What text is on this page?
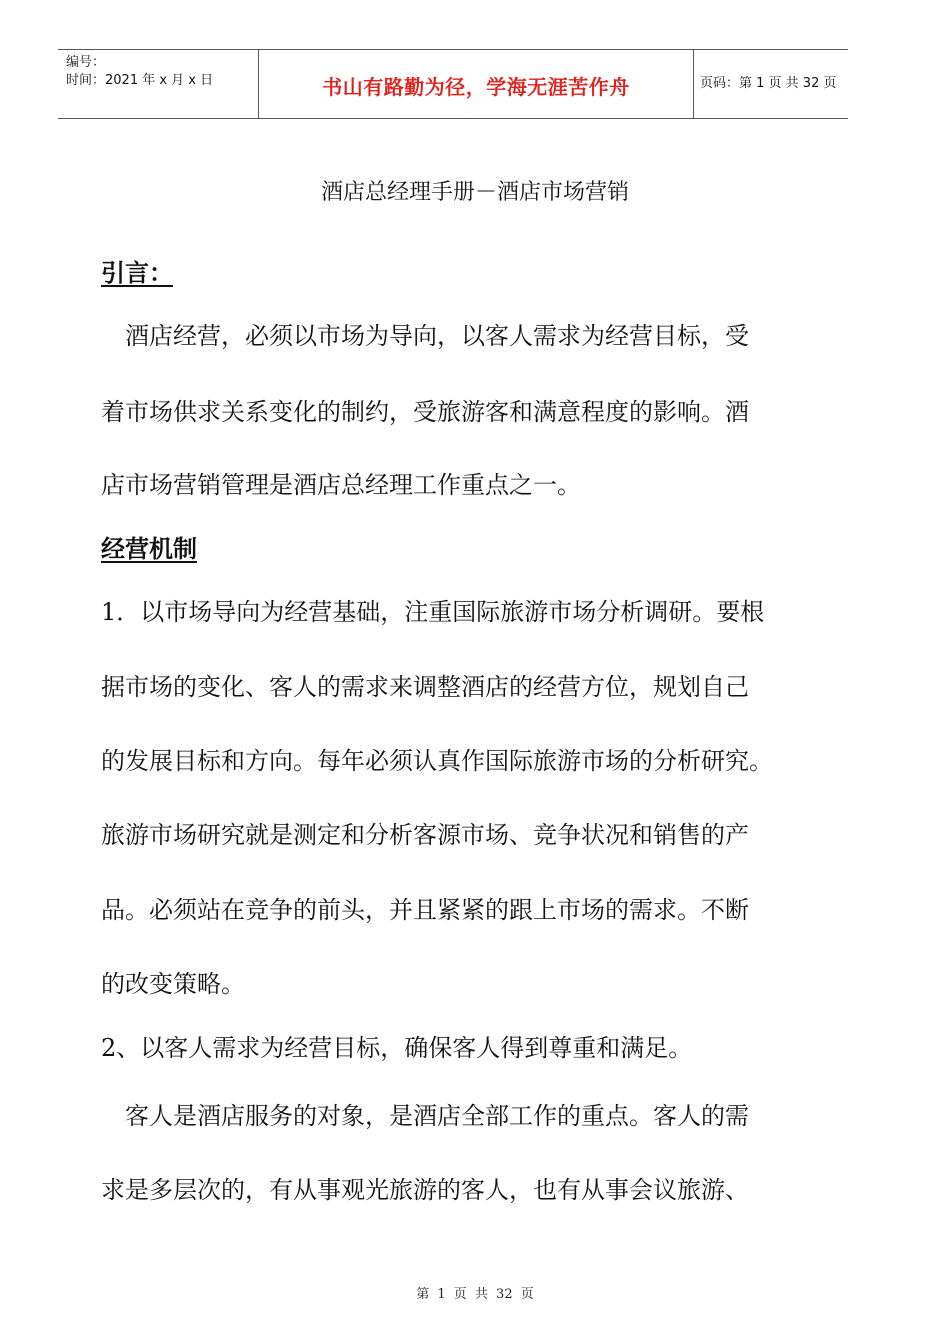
编号：
时间：2021 年 x 月 x 日	书山有路勤为径，学海无涯苦作舟	页码：第 1 页 共 32 页
酒店总经理手册－酒店市场营销
引言：
　酒店经营，必须以市场为导向，以客人需求为经营目标，受
着市场供求关系变化的制约，受旅游客和满意程度的影响。酒
店市场营销管理是酒店总经理工作重点之一。
经营机制
1．以市场导向为经营基础，注重国际旅游市场分析调研。要根
据市场的变化、客人的需求来调整酒店的经营方位，规划自己
的发展目标和方向。每年必须认真作国际旅游市场的分析研究。
旅游市场研究就是测定和分析客源市场、竞争状况和销售的产
品。必须站在竞争的前头，并且紧紧的跟上市场的需求。不断
的改变策略。
2、以客人需求为经营目标，确保客人得到尊重和满足。
　客人是酒店服务的对象，是酒店全部工作的重点。客人的需
求是多层次的，有从事观光旅游的客人，也有从事会议旅游、
第 1 页 共 32 页
